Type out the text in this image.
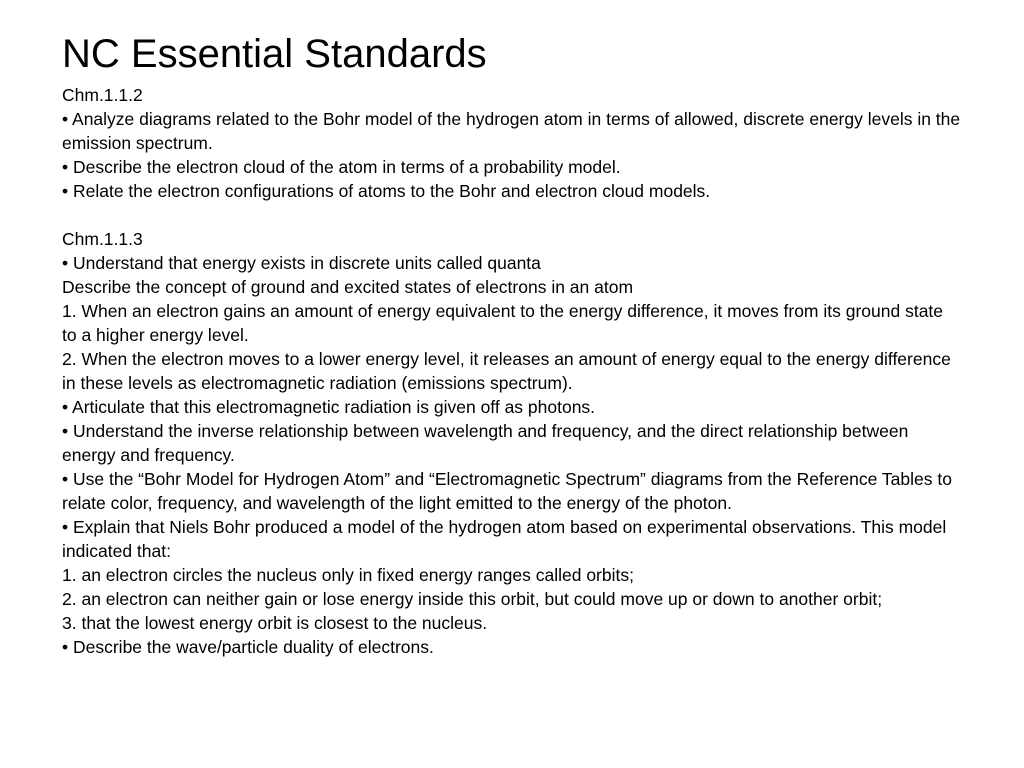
NC Essential Standards

Chm.1.1.2

• Analyze diagrams related to the Bohr model of the hydrogen atom in terms of allowed, discrete energy levels in the emission spectrum.

• Describe the electron cloud of the atom in terms of a probability model.

• Relate the electron configurations of atoms to the Bohr and electron cloud models.

Chm.1.1.3

• Understand that energy exists in discrete units called quanta

Describe the concept of ground and excited states of electrons in an atom

1. When an electron gains an amount of energy equivalent to the energy difference, it moves from its ground state to a higher energy level.

2. When the electron moves to a lower energy level, it releases an amount of energy equal to the energy difference in these levels as electromagnetic radiation (emissions spectrum).

• Articulate that this electromagnetic radiation is given off as photons.

• Understand the inverse relationship between wavelength and frequency, and the direct relationship between energy and frequency.

• Use the “Bohr Model for Hydrogen Atom” and “Electromagnetic Spectrum” diagrams from the Reference Tables to relate color, frequency, and wavelength of the light emitted to the energy of the photon.

• Explain that Niels Bohr produced a model of the hydrogen atom based on experimental observations. This model indicated that:

1. an electron circles the nucleus only in fixed energy ranges called orbits;

2. an electron can neither gain or lose energy inside this orbit, but could move up or down to another orbit;

3. that the lowest energy orbit is closest to the nucleus.

• Describe the wave/particle duality of electrons.
